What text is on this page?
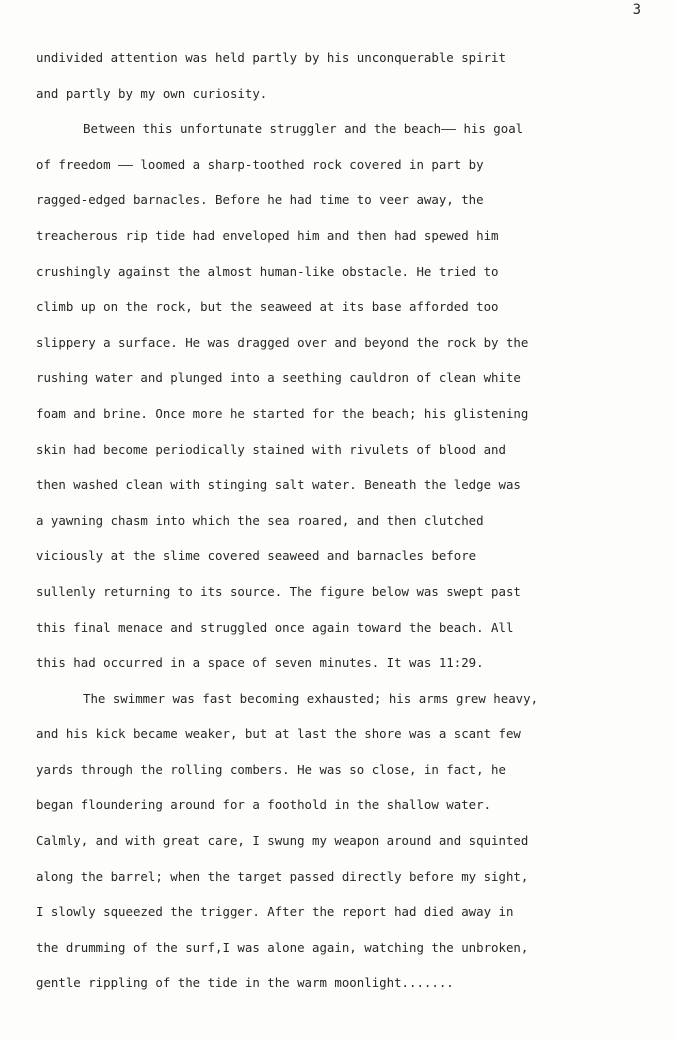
3
undivided attention was held partly by his unconquerable spirit
and partly by my own curiosity.
Between this unfortunate struggler and the beach—— his goal
of freedom —— loomed a sharp-toothed rock covered in part by
ragged-edged barnacles. Before he had time to veer away, the
treacherous rip tide had enveloped him and then had spewed him
crushingly against the almost human-like obstacle. He tried to
climb up on the rock, but the seaweed at its base afforded too
slippery a surface. He was dragged over and beyond the rock by the
rushing water and plunged into a seething cauldron of clean white
foam and brine. Once more he started for the beach; his glistening
skin had become periodically stained with rivulets of blood and
then washed clean with stinging salt water. Beneath the ledge was
a yawning chasm into which the sea roared, and then clutched
viciously at the slime covered seaweed and barnacles before
sullenly returning to its source. The figure below was swept past
this final menace and struggled once again toward the beach. All
this had occurred in a space of seven minutes. It was 11:29.
The swimmer was fast becoming exhausted; his arms grew heavy,
and his kick became weaker, but at last the shore was a scant few
yards through the rolling combers. He was so close, in fact, he
began floundering around for a foothold in the shallow water.
Calmly, and with great care, I swung my weapon around and squinted
along the barrel; when the target passed directly before my sight,
I slowly squeezed the trigger. After the report had died away in
the drumming of the surf,I was alone again, watching the unbroken,
gentle rippling of the tide in the warm moonlight.......
